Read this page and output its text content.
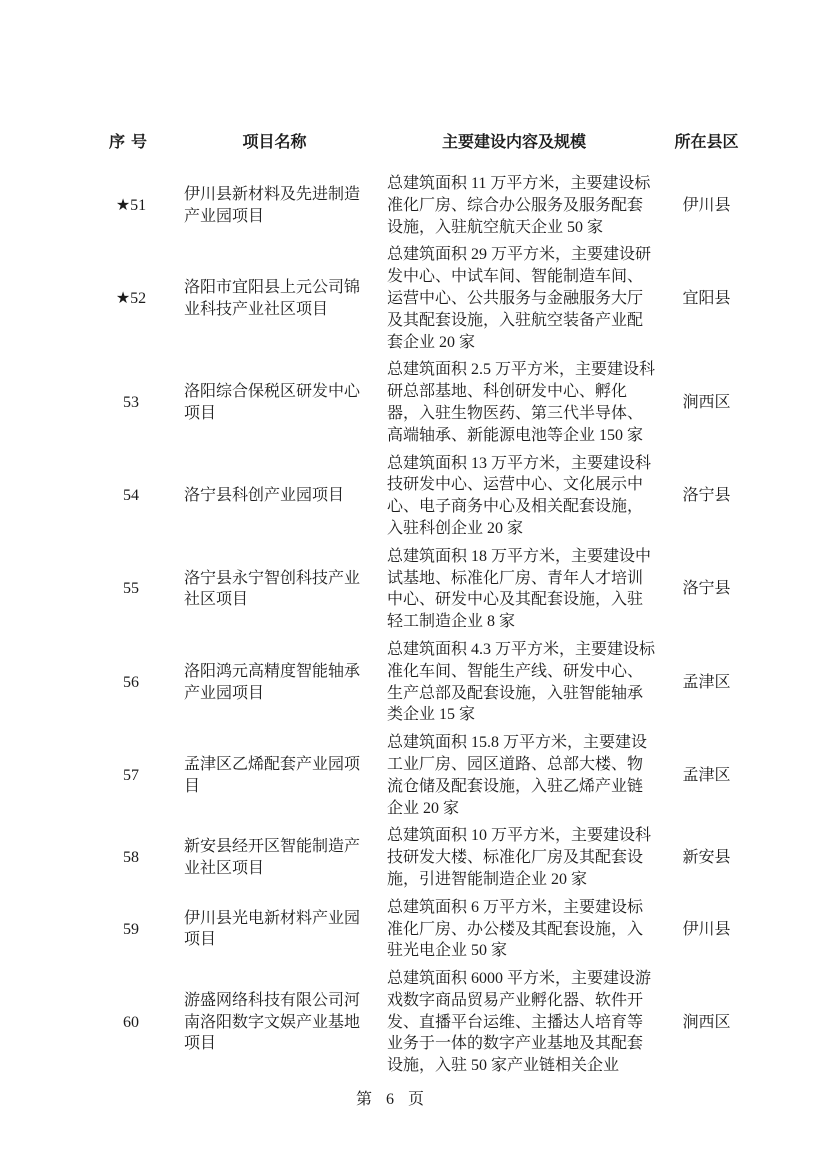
序号	项目名称	主要建设内容及规模	所在县区
★51	伊川县新材料及先进制造产业园项目	总建筑面积 11 万平方米，主要建设标准化厂房、综合办公服务及服务配套设施，入驻航空航天企业 50 家	伊川县
★52	洛阳市宜阳县上元公司锦业科技产业社区项目	总建筑面积 29 万平方米，主要建设研发中心、中试车间、智能制造车间、运营中心、公共服务与金融服务大厅及其配套设施，入驻航空装备产业配套企业 20 家	宜阳县
53	洛阳综合保税区研发中心项目	总建筑面积 2.5 万平方米，主要建设科研总部基地、科创研发中心、孵化器，入驻生物医药、第三代半导体、高端轴承、新能源电池等企业 150 家	涧西区
54	洛宁县科创产业园项目	总建筑面积 13 万平方米，主要建设科技研发中心、运营中心、文化展示中心、电子商务中心及相关配套设施，入驻科创企业 20 家	洛宁县
55	洛宁县永宁智创科技产业社区项目	总建筑面积 18 万平方米，主要建设中试基地、标准化厂房、青年人才培训中心、研发中心及其配套设施，入驻轻工制造企业 8 家	洛宁县
56	洛阳鸿元高精度智能轴承产业园项目	总建筑面积 4.3 万平方米，主要建设标准化车间、智能生产线、研发中心、生产总部及配套设施，入驻智能轴承类企业 15 家	孟津区
57	孟津区乙烯配套产业园项目	总建筑面积 15.8 万平方米，主要建设工业厂房、园区道路、总部大楼、物流仓储及配套设施，入驻乙烯产业链企业 20 家	孟津区
58	新安县经开区智能制造产业社区项目	总建筑面积 10 万平方米，主要建设科技研发大楼、标准化厂房及其配套设施，引进智能制造企业 20 家	新安县
59	伊川县光电新材料产业园项目	总建筑面积 6 万平方米，主要建设标准化厂房、办公楼及其配套设施，入驻光电企业 50 家	伊川县
60	游盛网络科技有限公司河南洛阳数字文娱产业基地项目	总建筑面积 6000 平方米，主要建设游戏数字商品贸易产业孵化器、软件开发、直播平台运维、主播达人培育等业务于一体的数字产业基地及其配套设施，入驻 50 家产业链相关企业	涧西区
第 6 页
